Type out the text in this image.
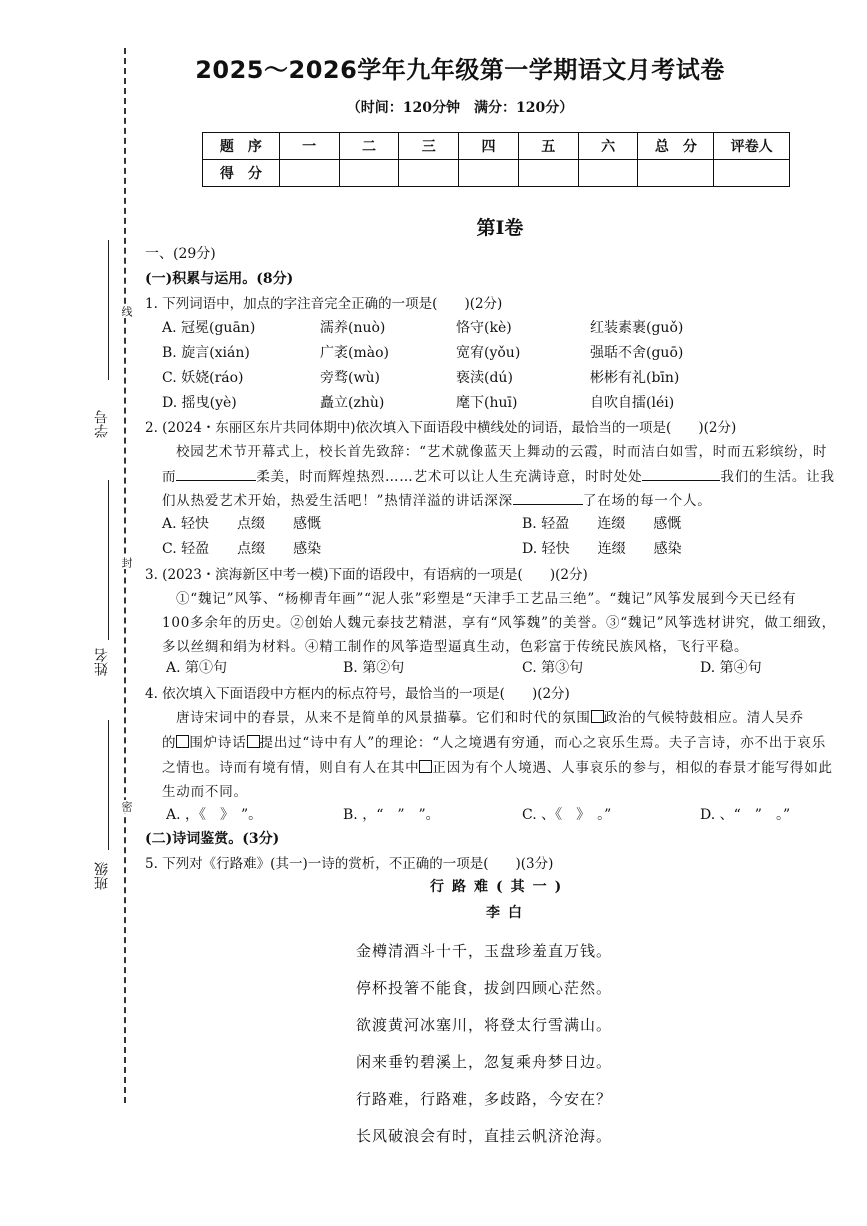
线
封
密
学号
姓名
班级
2025～2026学年九年级第一学期语文月考试卷
（时间：120分钟　满分：120分）
题　序	一	二	三	四	五	六	总　分	评卷人
得　分								
第Ⅰ卷
一、(29分)
(一)积累与运用。(8分)
1. 下列词语中，加点的字注音完全正确的一项是(　　)(2分)
A. 冠冕(guān)	濡养(nuò)	恪守(kè)	红装素裹(guǒ)
B. 旋言(xián)	广袤(mào)	宽宥(yǒu)	强聒不舍(guō)
C. 妖娆(ráo)	旁骛(wù)	亵渎(dú)	彬彬有礼(bīn)
D. 摇曳(yè)	矗立(zhù)	麾下(huī)	自吹自擂(léi)
2. (2024・东丽区东片共同体期中)依次填入下面语段中横线处的词语，最恰当的一项是(　　)(2分)
校园艺术节开幕式上，校长首先致辞：“艺术就像蓝天上舞动的云霞，时而洁白如雪，时而五彩缤纷，时
而	柔美，时而辉煌热烈……艺术可以让人生充满诗意，时时处处	我们的生活。让我
们从热爱艺术开始，热爱生活吧！”热情洋溢的讲话深深	了在场的每一个人。
A. 轻快　　点缀　　感慨	B. 轻盈　　连缀　　感慨
C. 轻盈　　点缀　　感染	D. 轻快　　连缀　　感染
3. (2023・滨海新区中考一模)下面的语段中，有语病的一项是(　　)(2分)
①“魏记”风筝、“杨柳青年画”“泥人张”彩塑是“天津手工艺品三绝”。“魏记”风筝发展到今天已经有
100多余年的历史。②创始人魏元泰技艺精湛，享有“风筝魏”的美誉。③“魏记”风筝选材讲究，做工细致，
多以丝绸和绢为材料。④精工制作的风筝造型逼真生动，色彩富于传统民族风格，飞行平稳。
A. 第①句	B. 第②句	C. 第③句	D. 第④句
4. 依次填入下面语段中方框内的标点符号，最恰当的一项是(　　)(2分)
唐诗宋词中的春景，从来不是简单的风景描摹。它们和时代的氛围 政治的气候特鼓相应。清人吴乔
的 围炉诗话 提出过“诗中有人”的理论：“人之境遇有穷通，而心之哀乐生焉。夫子言诗，亦不出于哀乐
之情也。诗而有境有情，则自有人在其中 正因为有个人境遇、人事哀乐的参与，相似的春景才能写得如此
生动而不同。
A. ，《　》　”。	B. ，“　”　”。	C. 、《　》　。”	D. 、“　”　。”
(二)诗词鉴赏。(3分)
5. 下列对《行路难》(其一)一诗的赏析，不正确的一项是(　　)(3分)
行路难(其一)
李白
金樽清酒斗十千，玉盘珍羞直万钱。
停杯投箸不能食，拔剑四顾心茫然。
欲渡黄河冰塞川，将登太行雪满山。
闲来垂钓碧溪上，忽复乘舟梦日边。
行路难，行路难，多歧路，今安在？
长风破浪会有时，直挂云帆济沧海。
